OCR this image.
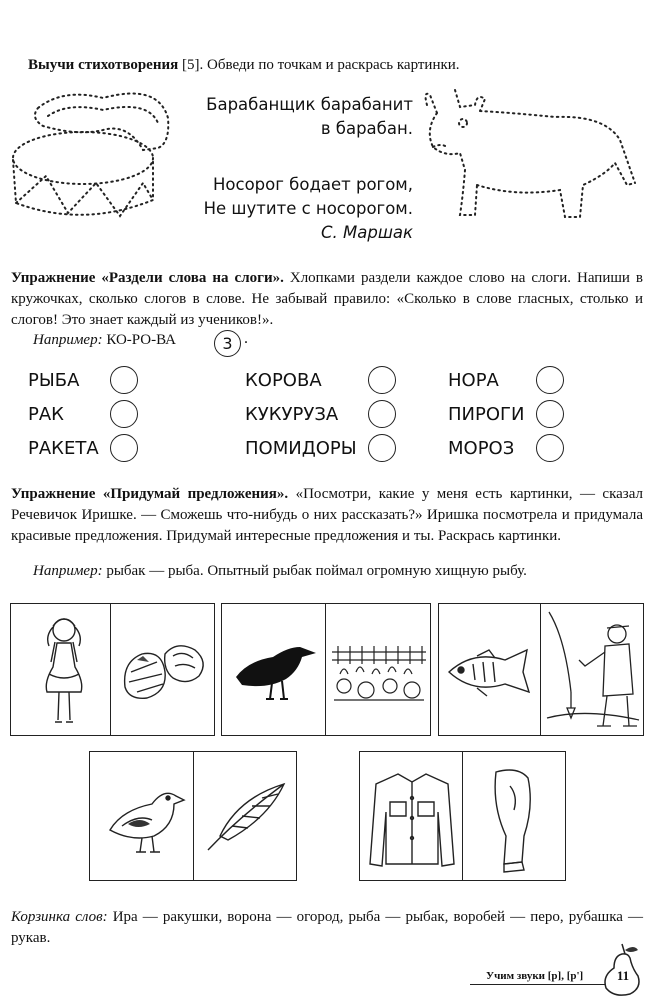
Выучи стихотворения [5]. Обведи по точкам и раскрась картинки.
Барабанщик барабанит
в барабан.
Носорог бодает рогом,
Не шутите с носорогом.
С. Маршак
Упражнение «Раздели слова на слоги». Хлопками раздели каждое слово на слоги. Напиши в кружочках, сколько слогов в слове. Не забывай правило: «Сколько в слове гласных, столько и слогов! Это знает каждый из учеников!».
Например: КО-РО-ВА	3 .
РЫБА	КОРОВА	НОРА
РАК	КУКУРУЗА	ПИРОГИ
РАКЕТА	ПОМИДОРЫ	МОРОЗ
Упражнение «Придумай предложения». «Посмотри, какие у меня есть картинки, — сказал Речевичок Иришке. — Сможешь что-нибудь о них рассказать?» Иришка посмотрела и придумала красивые предложения. Придумай интересные предложения и ты. Раскрась картинки.
Например: рыбак — рыба. Опытный рыбак поймал огромную хищную рыбу.
Корзинка слов: Ира — ракушки, ворона — огород, рыба — рыбак, воробей — перо, рубашка — рукав.
Учим звуки [р], [р']	11
